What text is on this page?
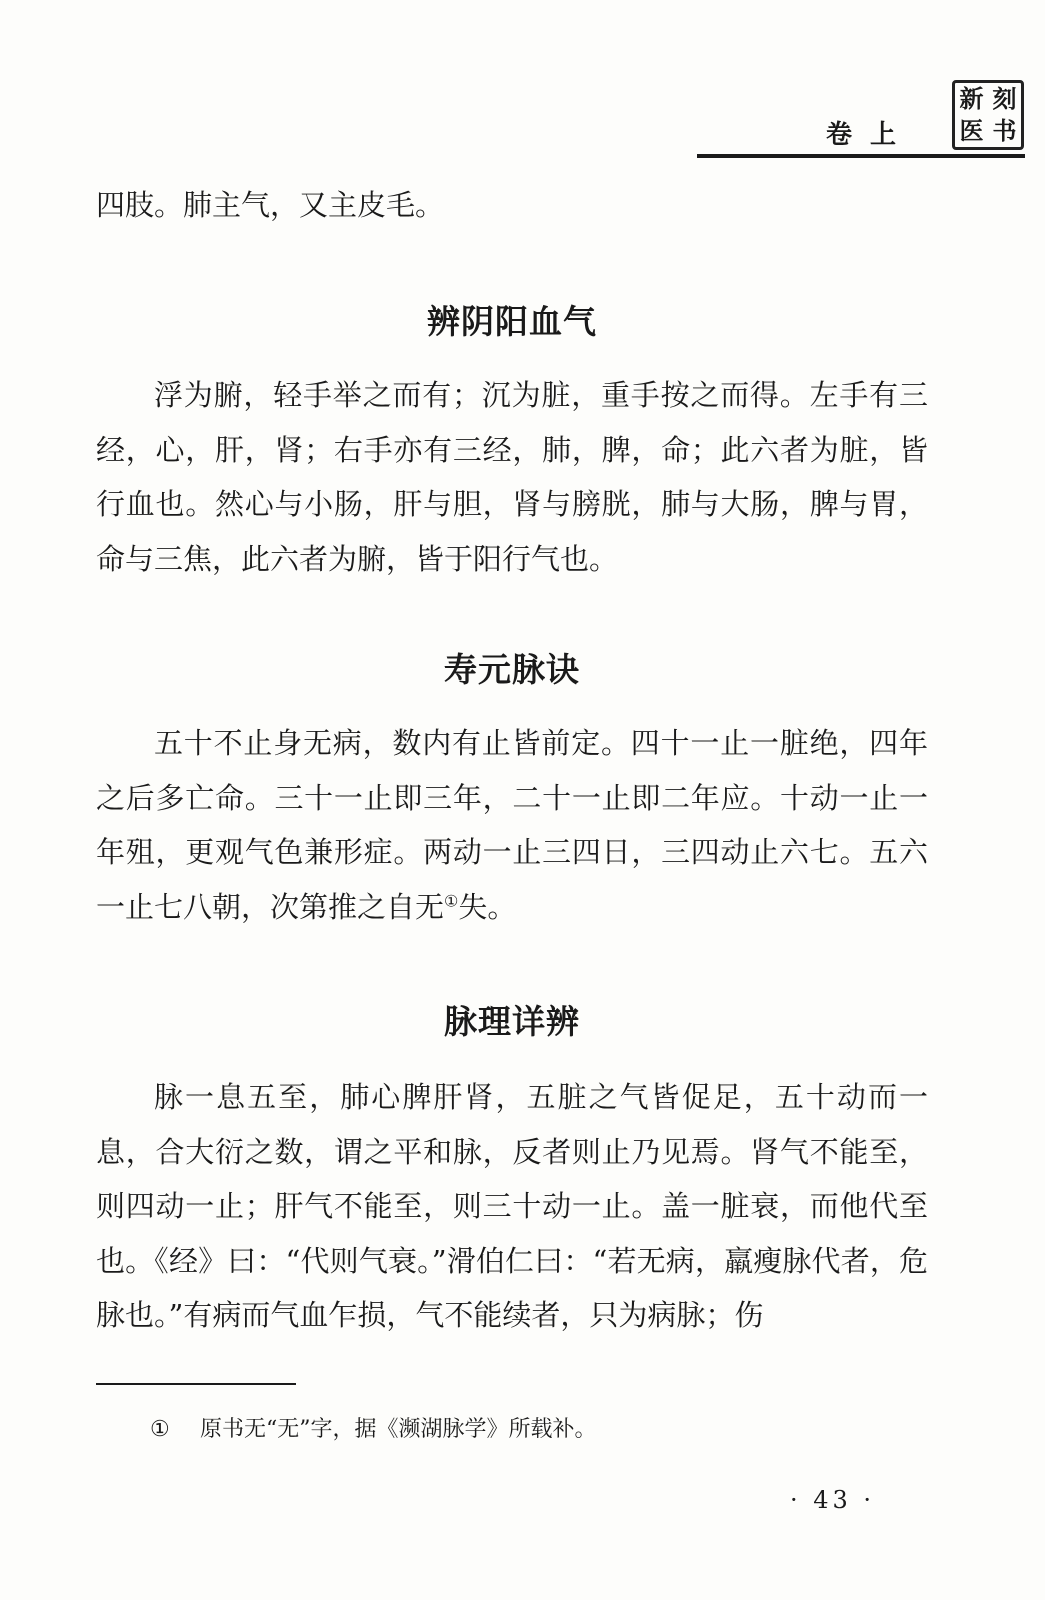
卷上
新 刻
医 书

四肢。肺主气，又主皮毛。

辨阴阳血气

浮为腑，轻手举之而有；沉为脏，重手按之而得。左手有三经，心，肝，肾；右手亦有三经，肺，脾，命；此六者为脏，皆行血也。然心与小肠，肝与胆，肾与膀胱，肺与大肠，脾与胃，命与三焦，此六者为腑，皆于阳行气也。

寿元脉诀

五十不止身无病，数内有止皆前定。四十一止一脏绝，四年之后多亡命。三十一止即三年，二十一止即二年应。十动一止一年殂，更观气色兼形症。两动一止三四日，三四动止六七。五六一止七八朝，次第推之自无①失。

脉理详辨

脉一息五至，肺心脾肝肾，五脏之气皆促足，五十动而一息，合大衍之数，谓之平和脉，反者则止乃见焉。肾气不能至，则四动一止；肝气不能至，则三十动一止。盖一脏衰，而他代至也。《经》曰：“代则气衰。”滑伯仁曰：“若无病，羸瘦脉代者，危脉也。”有病而气血乍损，气不能续者，只为病脉；伤

① 原书无“无”字，据《濒湖脉学》所载补。
· 43 ·
